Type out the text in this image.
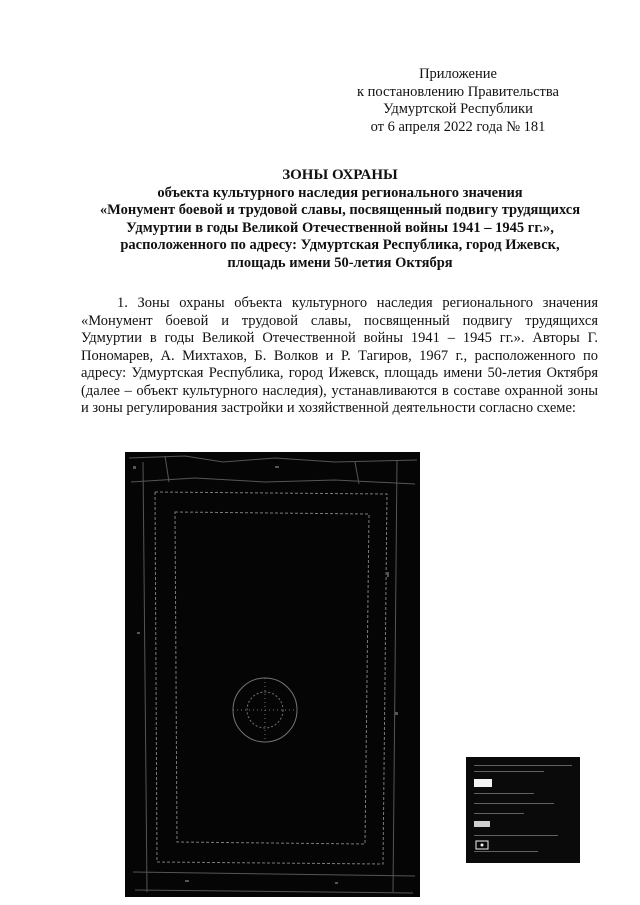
Приложение
к постановлению Правительства
Удмуртской Республики
от 6 апреля 2022 года № 181
ЗОНЫ ОХРАНЫ
объекта культурного наследия регионального значения
«Монумент боевой и трудовой славы, посвященный подвигу трудящихся
Удмуртии в годы Великой Отечественной войны 1941 – 1945 гг.»,
расположенного по адресу: Удмуртская Республика, город Ижевск,
площадь имени 50-летия Октября

1. Зоны охраны объекта культурного наследия регионального значения «Монумент боевой и трудовой славы, посвященный подвигу трудящихся Удмуртии в годы Великой Отечественной войны 1941 – 1945 гг.». Авторы Г. Пономарев, А. Михтахов, Б. Волков и Р. Тагиров, 1967 г., расположенного по адресу: Удмуртская Республика, город Ижевск, площадь имени 50-летия Октября (далее – объект культурного наследия), устанавливаются в составе охранной зоны и зоны регулирования застройки и хозяйственной деятельности согласно схеме:
